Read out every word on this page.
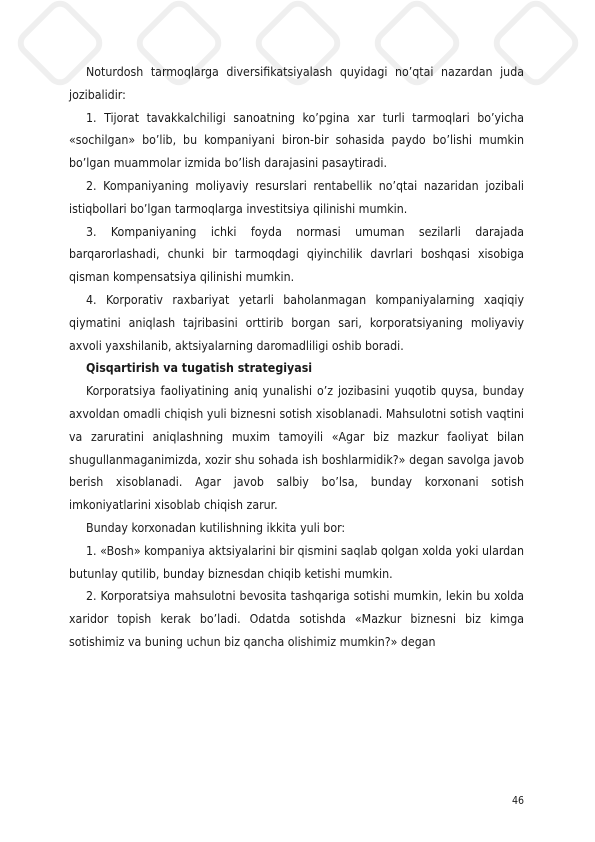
Noturdosh tarmoqlarga diversifikatsiyalash quyidagi no’qtai nazardan juda jozibalidir:

1. Tijorat tavakkalchiligi sanoatning ko’pgina xar turli tarmoqlari bo’yicha «sochilgan» bo’lib, bu kompaniyani biron-bir sohasida paydo bo’lishi mumkin bo’lgan muammolar izmida bo’lish darajasini pasaytiradi.

2. Kompaniyaning moliyaviy resurslari rentabellik no’qtai nazaridan jozibali istiqbollari bo’lgan tarmoqlarga investitsiya qilinishi mumkin.

3. Kompaniyaning ichki foyda normasi umuman sezilarli darajada barqarorlashadi, chunki bir tarmoqdagi qiyinchilik davrlari boshqasi xisobiga qisman kompensatsiya qilinishi mumkin.

4. Korporativ raxbariyat yetarli baholanmagan kompaniyalarning xaqiqiy qiymatini aniqlash tajribasini orttirib borgan sari, korporatsiyaning moliyaviy axvoli yaxshilanib, aktsiyalarning daromadliligi oshib boradi.

Qisqartirish va tugatish strategiyasi

Korporatsiya faoliyatining aniq yunalishi o’z jozibasini yuqotib quysa, bunday axvoldan omadli chiqish yuli biznesni sotish xisoblanadi. Mahsulotni sotish vaqtini va zaruratini aniqlashning muxim tamoyili «Agar biz mazkur faoliyat bilan shugullanmaganimizda, xozir shu sohada ish boshlarmidik?» degan savolga javob berish xisoblanadi. Agar javob salbiy bo’lsa, bunday korxonani sotish imkoniyatlarini xisoblab chiqish zarur.

Bunday korxonadan kutilishning ikkita yuli bor:

1. «Bosh» kompaniya aktsiyalarini bir qismini saqlab qolgan xolda yoki ulardan butunlay qutilib, bunday biznesdan chiqib ketishi mumkin.

2. Korporatsiya mahsulotni bevosita tashqariga sotishi mumkin, lekin bu xolda xaridor topish kerak bo’ladi. Odatda sotishda «Mazkur biznesni biz kimga sotishimiz va buning uchun biz qancha olishimiz mumkin?» degan

46
